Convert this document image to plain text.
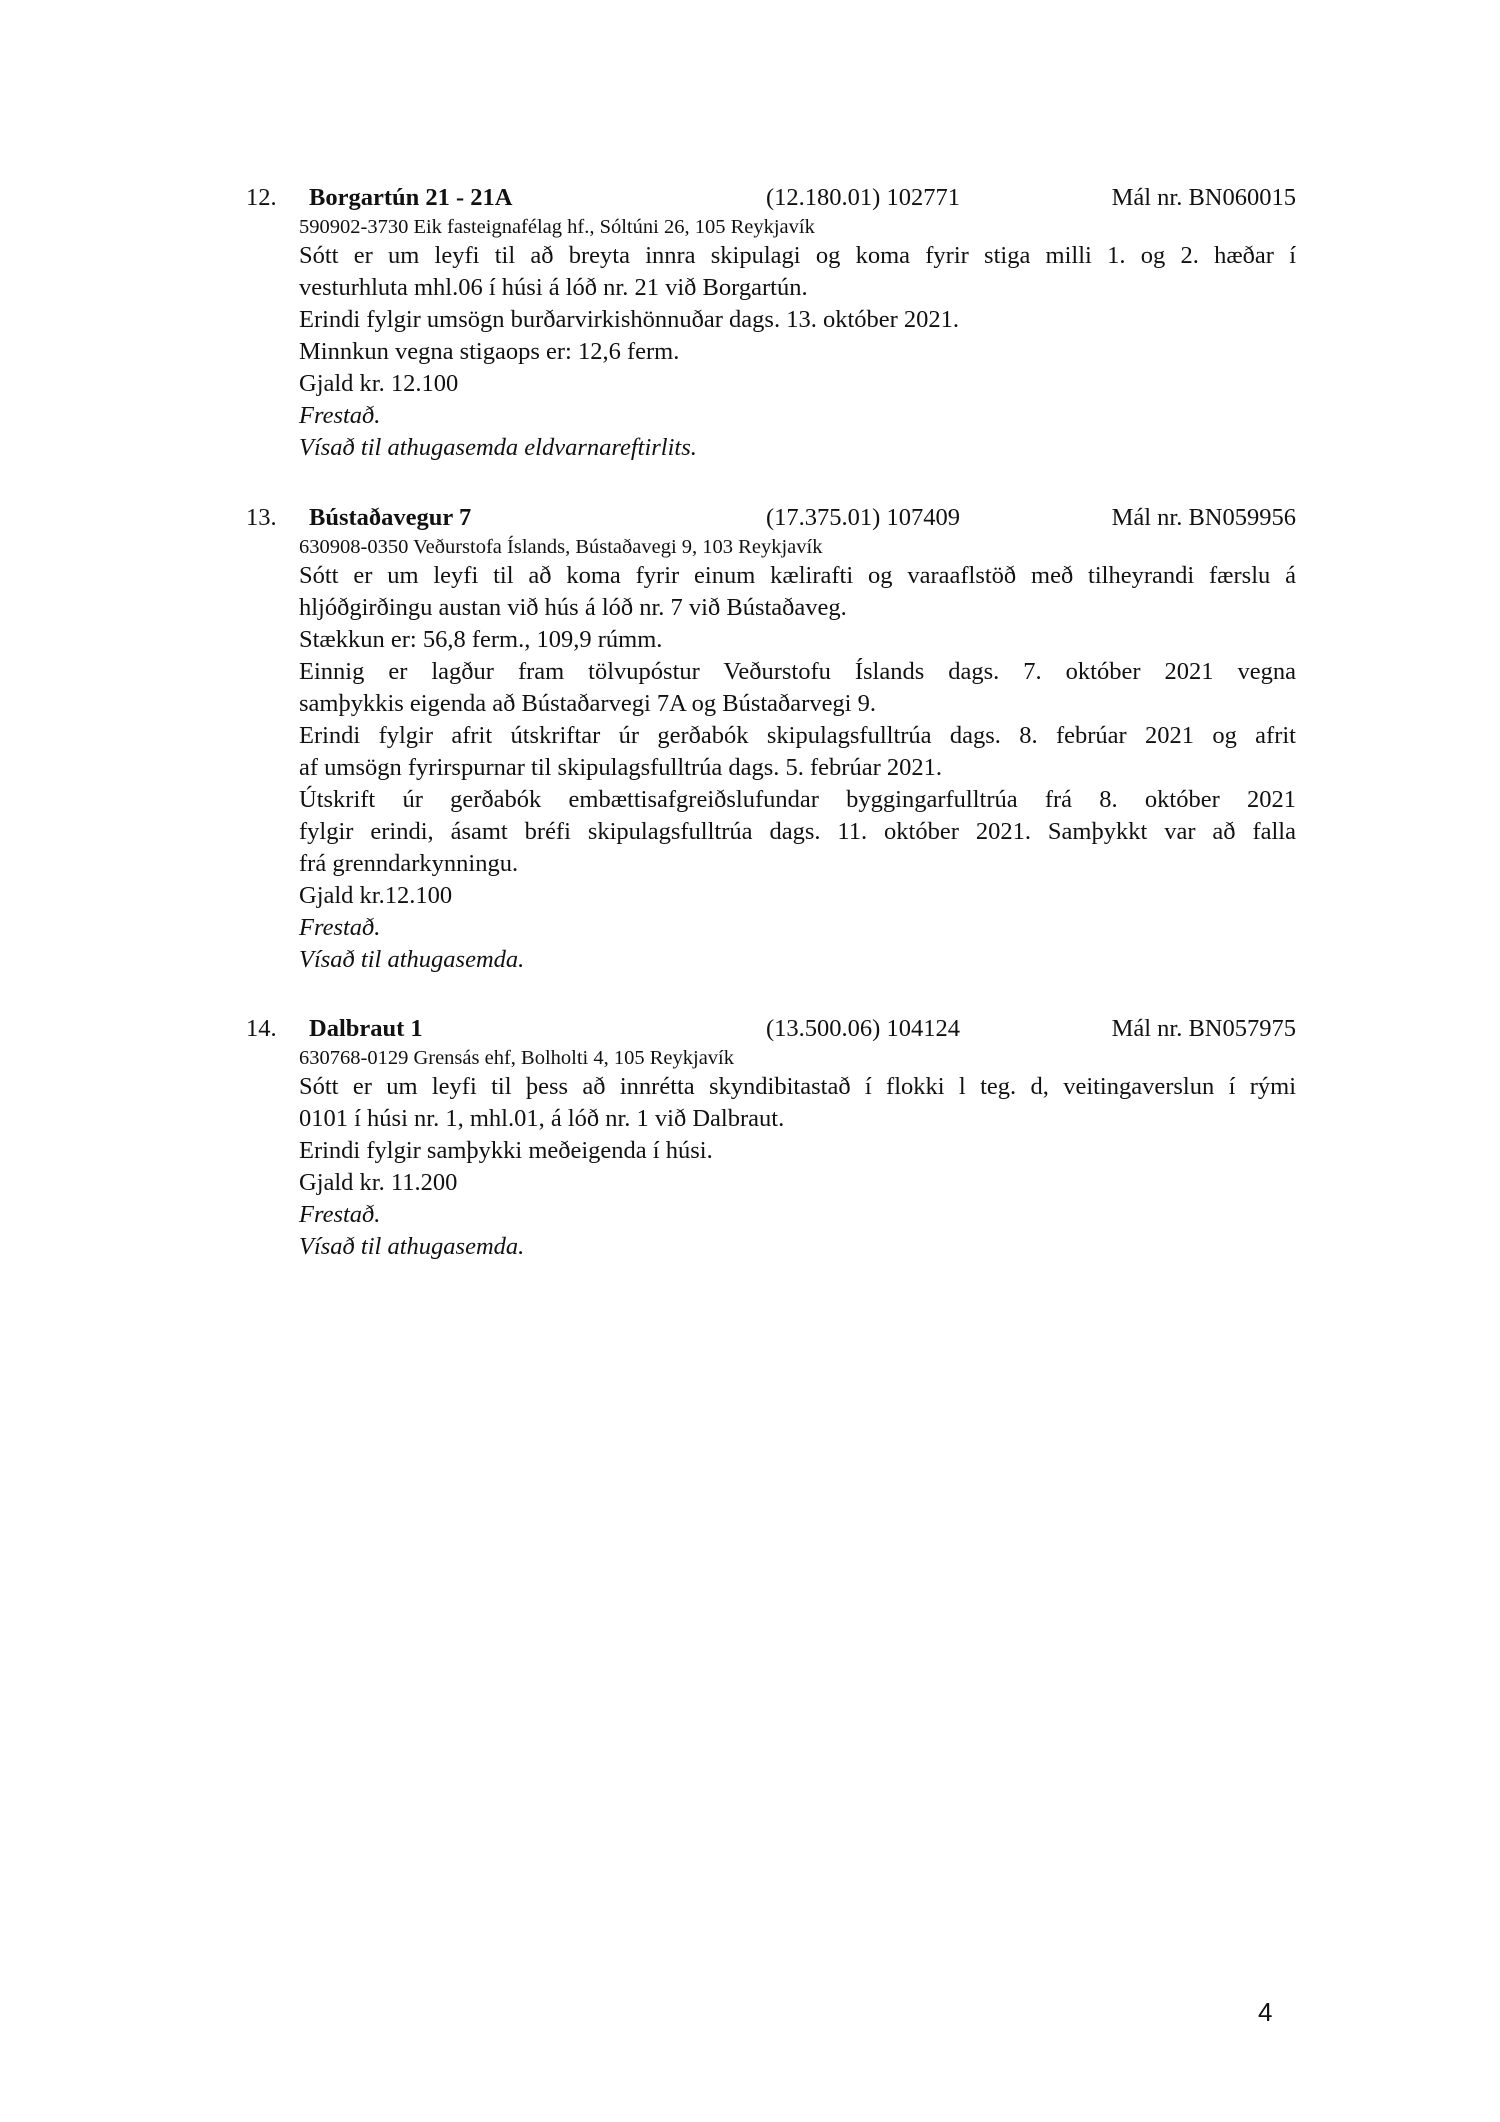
12. Borgartún 21 - 21A	(12.180.01) 102771	Mál nr. BN060015
590902-3730 Eik fasteignafélag hf., Sóltúni 26, 105 Reykjavík
Sótt er um leyfi til að breyta innra skipulagi og koma fyrir stiga milli 1. og 2. hæðar í
vesturhluta mhl.06 í húsi á lóð nr. 21 við Borgartún.
Erindi fylgir umsögn burðarvirkishönnuðar dags. 13. október 2021.
Minnkun vegna stigaops er: 12,6 ferm.
Gjald kr. 12.100
Frestað.
Vísað til athugasemda eldvarnareftirlits.
13. Bústaðavegur 7	(17.375.01) 107409	Mál nr. BN059956
630908-0350 Veðurstofa Íslands, Bústaðavegi 9, 103 Reykjavík
Sótt er um leyfi til að koma fyrir einum kælirafti og varaaflstöð með tilheyrandi færslu á
hljóðgirðingu austan við hús á lóð nr. 7 við Bústaðaveg.
Stækkun er: 56,8 ferm., 109,9 rúmm.
Einnig er lagður fram tölvupóstur Veðurstofu Íslands dags. 7. október 2021 vegna
samþykkis eigenda að Bústaðarvegi 7A og Bústaðarvegi 9.
Erindi fylgir afrit útskriftar úr gerðabók skipulagsfulltrúa dags. 8. febrúar 2021 og afrit
af umsögn fyrirspurnar til skipulagsfulltrúa dags. 5. febrúar 2021.
Útskrift úr gerðabók embættisafgreiðslufundar byggingarfulltrúa frá 8. október 2021
fylgir erindi, ásamt bréfi skipulagsfulltrúa dags. 11. október 2021. Samþykkt var að falla
frá grenndarkynningu.
Gjald kr.12.100
Frestað.
Vísað til athugasemda.
14. Dalbraut 1	(13.500.06) 104124	Mál nr. BN057975
630768-0129 Grensás ehf, Bolholti 4, 105 Reykjavík
Sótt er um leyfi til þess að innrétta skyndibitastað í flokki l teg. d, veitingaverslun í rými
0101 í húsi nr. 1, mhl.01, á lóð nr. 1 við Dalbraut.
Erindi fylgir samþykki meðeigenda í húsi.
Gjald kr. 11.200
Frestað.
Vísað til athugasemda.
4
